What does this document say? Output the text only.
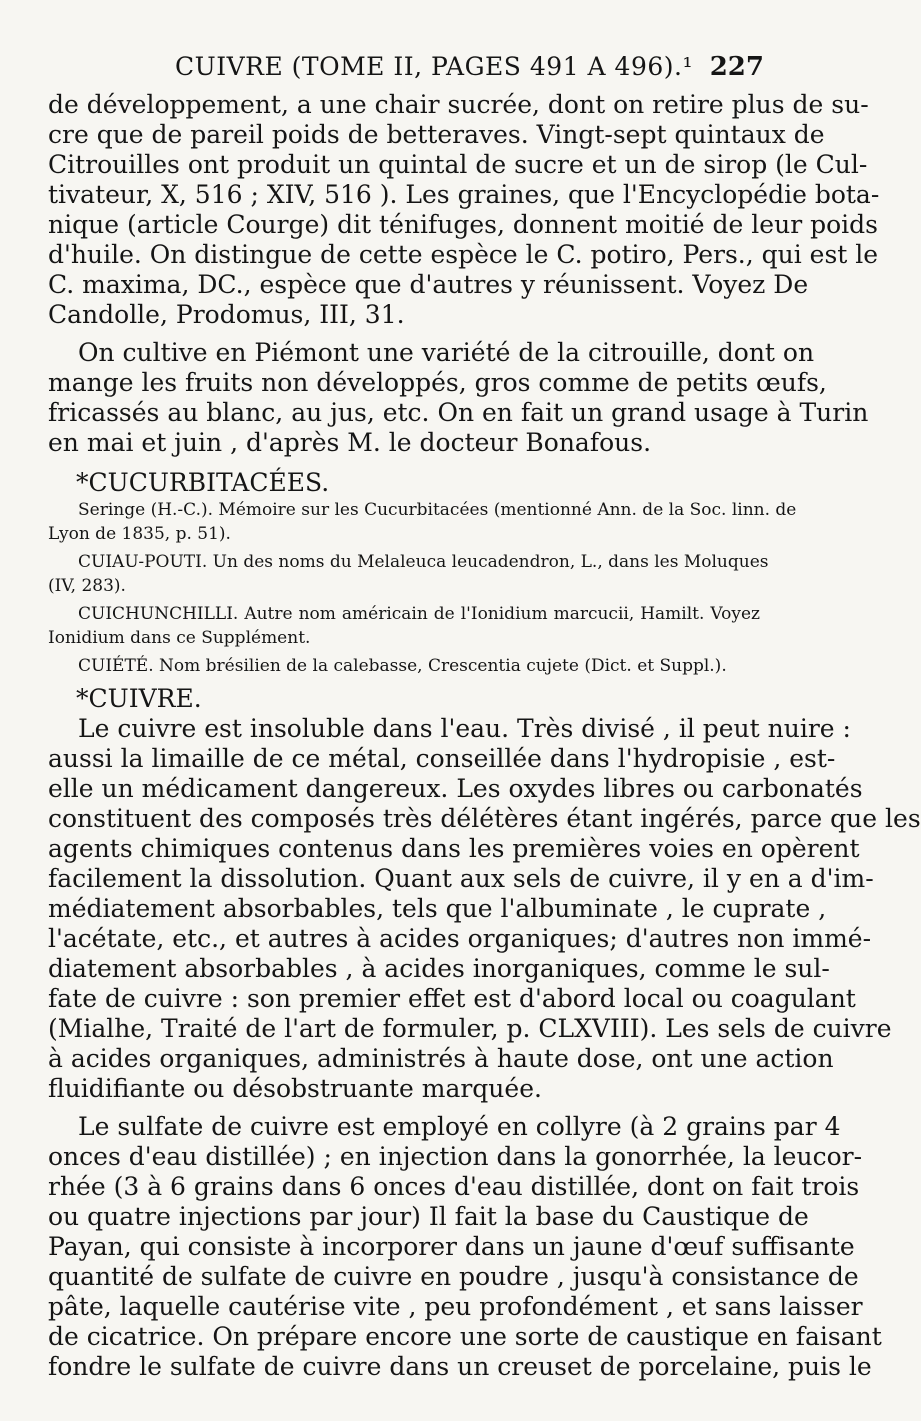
CUIVRE (TOME II, PAGES 491 A 496).¹ 227
de développement, a une chair sucrée, dont on retire plus de su-
cre que de pareil poids de betteraves. Vingt-sept quintaux de
Citrouilles ont produit un quintal de sucre et un de sirop (le Cul-
tivateur, X, 516 ; XIV, 516 ). Les graines, que l'Encyclopédie bota-
nique (article Courge) dit ténifuges, donnent moitié de leur poids
d'huile. On distingue de cette espèce le C. potiro, Pers., qui est le
C. maxima, DC., espèce que d'autres y réunissent. Voyez De
Candolle, Prodomus, III, 31.
On cultive en Piémont une variété de la citrouille, dont on
mange les fruits non développés, gros comme de petits œufs,
fricassés au blanc, au jus, etc. On en fait un grand usage à Turin
en mai et juin , d'après M. le docteur Bonafous.
*CUCURBITACÉES.
Seringe (H.-C.). Mémoire sur les Cucurbitacées (mentionné Ann. de la Soc. linn. de
Lyon de 1835, p. 51).
CUIAU-POUTI. Un des noms du Melaleuca leucadendron, L., dans les Moluques
(IV, 283).
CUICHUNCHILLI. Autre nom américain de l'Ionidium marcucii, Hamilt. Voyez
Ionidium dans ce Supplément.
CUIÉTÉ. Nom brésilien de la calebasse, Crescentia cujete (Dict. et Suppl.).
*CUIVRE.
Le cuivre est insoluble dans l'eau. Très divisé , il peut nuire :
aussi la limaille de ce métal, conseillée dans l'hydropisie , est-
elle un médicament dangereux. Les oxydes libres ou carbonatés
constituent des composés très délétères étant ingérés, parce que les
agents chimiques contenus dans les premières voies en opèrent
facilement la dissolution. Quant aux sels de cuivre, il y en a d'im-
médiatement absorbables, tels que l'albuminate , le cuprate ,
l'acétate, etc., et autres à acides organiques; d'autres non immé-
diatement absorbables , à acides inorganiques, comme le sul-
fate de cuivre : son premier effet est d'abord local ou coagulant
(Mialhe, Traité de l'art de formuler, p. CLXVIII). Les sels de cuivre
à acides organiques, administrés à haute dose, ont une action
fluidifiante ou désobstruante marquée.
Le sulfate de cuivre est employé en collyre (à 2 grains par 4
onces d'eau distillée) ; en injection dans la gonorrhée, la leucor-
rhée (3 à 6 grains dans 6 onces d'eau distillée, dont on fait trois
ou quatre injections par jour) Il fait la base du Caustique de
Payan, qui consiste à incorporer dans un jaune d'œuf suffisante
quantité de sulfate de cuivre en poudre , jusqu'à consistance de
pâte, laquelle cautérise vite , peu profondément , et sans laisser
de cicatrice. On prépare encore une sorte de caustique en faisant
fondre le sulfate de cuivre dans un creuset de porcelaine, puis le
